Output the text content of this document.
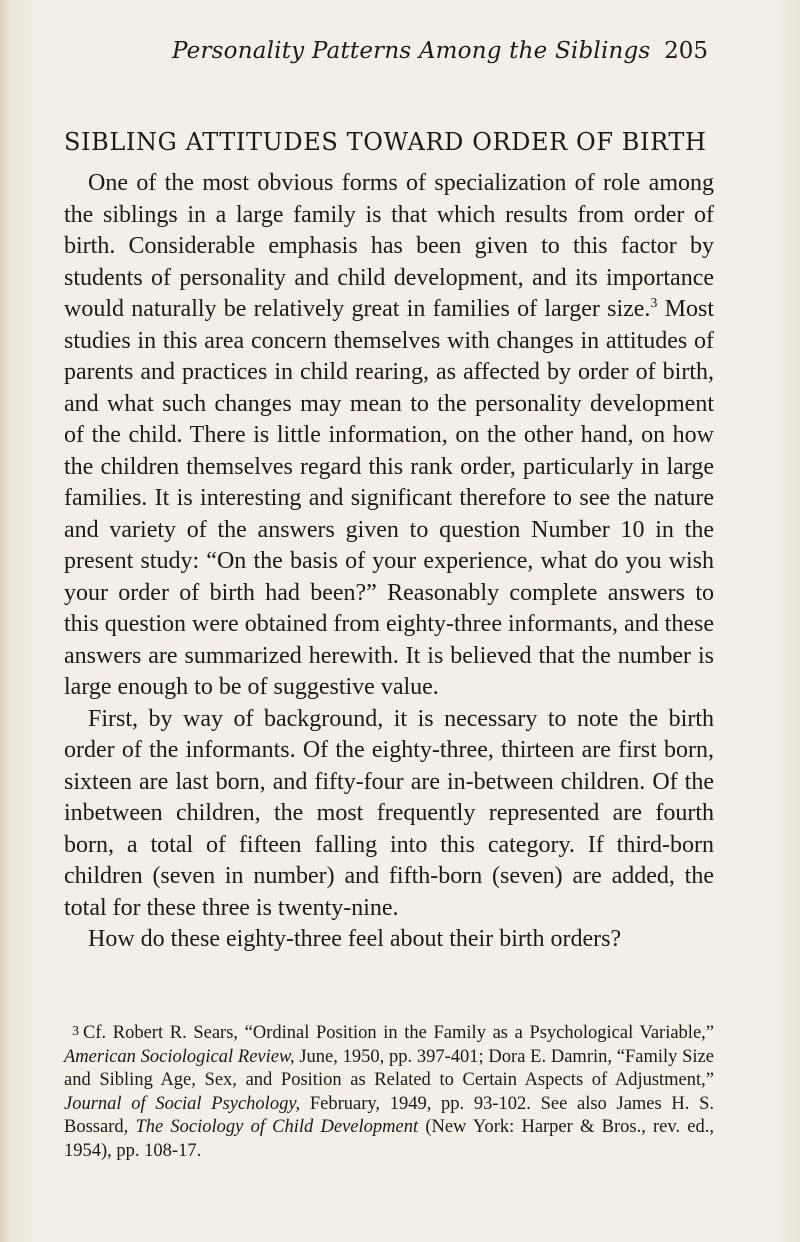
Personality Patterns Among the Siblings 205
SIBLING ATTITUDES TOWARD ORDER OF BIRTH

One of the most obvious forms of specialization of role among the siblings in a large family is that which results from order of birth. Considerable emphasis has been given to this factor by students of personality and child development, and its importance would naturally be relatively great in families of larger size.$^3$ Most studies in this area concern themselves with changes in attitudes of parents and practices in child rearing, as affected by order of birth, and what such changes may mean to the personality development of the child. There is little information, on the other hand, on how the children themselves regard this rank order, particularly in large families. It is interesting and significant therefore to see the nature and variety of the answers given to question Number 10 in the present study: “On the basis of your experience, what do you wish your order of birth had been?” Reasonably complete answers to this question were obtained from eighty-three informants, and these answers are summarized herewith. It is believed that the number is large enough to be of suggestive value.

First, by way of background, it is necessary to note the birth order of the informants. Of the eighty-three, thirteen are first born, sixteen are last born, and fifty-four are in-between children. Of the inbetween children, the most frequently represented are fourth born, a total of fifteen falling into this category. If third-born children (seven in number) and fifth-born (seven) are added, the total for these three is twenty-nine.

How do these eighty-three feel about their birth orders?

3 Cf. Robert R. Sears, “Ordinal Position in the Family as a Psychological Variable,” American Sociological Review, June, 1950, pp. 397-401; Dora E. Damrin, “Family Size and Sibling Age, Sex, and Position as Related to Certain Aspects of Adjustment,” Journal of Social Psychology, February, 1949, pp. 93-102. See also James H. S. Bossard, The Sociology of Child Development (New York: Harper & Bros., rev. ed., 1954), pp. 108-17.
